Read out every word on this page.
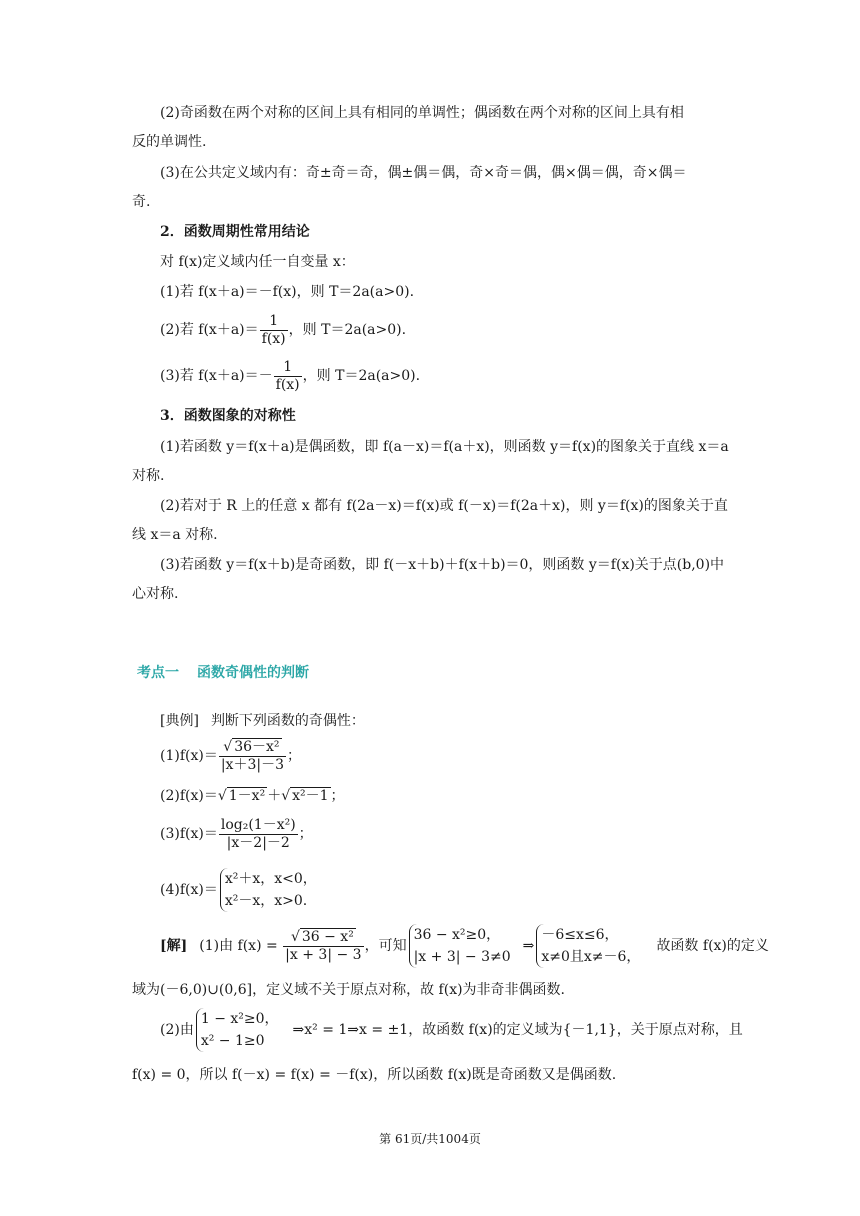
(2)奇函数在两个对称的区间上具有相同的单调性；偶函数在两个对称的区间上具有相
反的单调性.
(3)在公共定义域内有：奇±奇＝奇，偶±偶＝偶，奇×奇＝偶，偶×偶＝偶，奇×偶＝
奇.
2．函数周期性常用结论
对 f(x)定义域内任一自变量 x：
(1)若 f(x＋a)＝－f(x)，则 T＝2a(a>0).
(2)若 $f(x+a)= \frac{1}{f(x)}$ ，则 T＝2a(a>0).
(3)若 $f(x+a)=- \frac{1}{f(x)}$ ，则 T＝2a(a>0).
3．函数图象的对称性
(1)若函数 y＝f(x＋a)是偶函数，即 f(a－x)＝f(a＋x)，则函数 y＝f(x)的图象关于直线 x＝a
对称.
(2)若对于 R 上的任意 x 都有 f(2a－x)＝f(x)或 f(－x)＝f(2a＋x)，则 y＝f(x)的图象关于直
线 x＝a 对称.
(3)若函数 y＝f(x＋b)是奇函数，即 f(－x＋b)＋f(x＋b)＝0，则函数 y＝f(x)关于点(b,0)中
心对称.
考点一 函数奇偶性的判断
[典例] 判断下列函数的奇偶性：
$(1)f(x)= \frac{\text{√ 36－x²}}{|x+3|-3}$ ；
(2)f(x)＝√ 1－x² ＋√ x²－1 ；
$(3)f(x)= \frac{\text{log₂(1－x²)}}{|x-2|-2}$ ；
(4)f(x)＝
x²＋x，x<0，
x²－x，x>0.
[解] (1)由 $f(x) = \frac{\text{√ 36 − x²}}{|x + 3| - 3}$ ，可知
36 − x²≥0，
|x + 3| − 3≠0
⇒
－6≤x≤6，
x≠0且x≠－6，
故函数 f(x)的定义
域为(－6,0)∪(0,6]，定义域不关于原点对称，故 f(x)为非奇非偶函数.
(2)由
1 − x²≥0，
x² − 1≥0
⇒x² = 1⇒x = ±1，故函数 f(x)的定义域为{－1,1}，关于原点对称，且
f(x) = 0，所以 f(－x) = f(x) = －f(x)，所以函数 f(x)既是奇函数又是偶函数.
第 61页/共1004页
